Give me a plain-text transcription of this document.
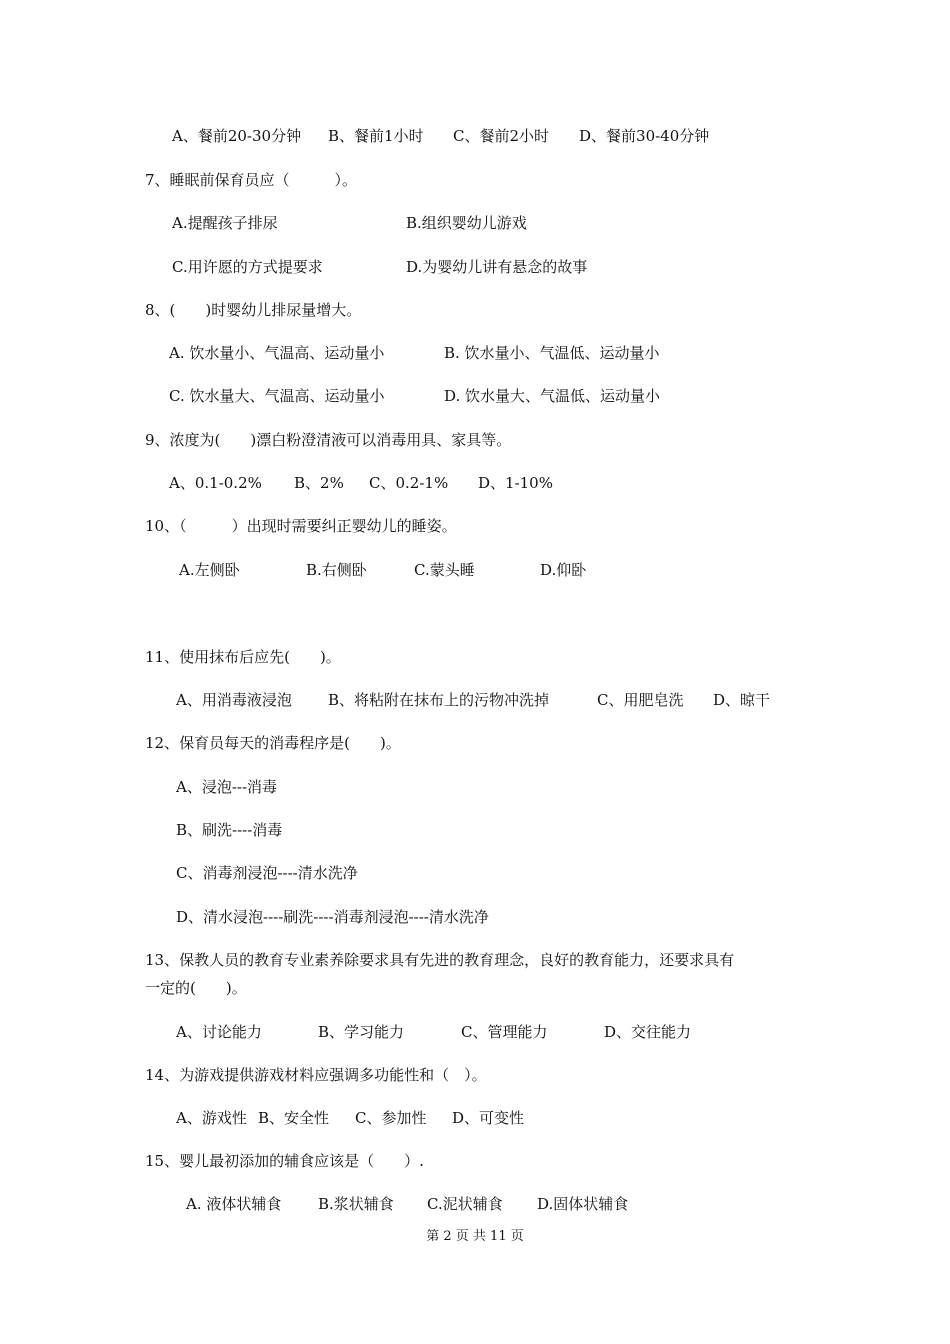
A、餐前20-30分钟 B、餐前1小时 C、餐前2小时 D、餐前30-40分钟
7、睡眠前保育员应（　　　）。
A.提醒孩子排尿	B.组织婴幼儿游戏
C.用许愿的方式提要求	D.为婴幼儿讲有悬念的故事
8、(　　)时婴幼儿排尿量增大。
A. 饮水量小、气温高、运动量小	B. 饮水量小、气温低、运动量小
C. 饮水量大、气温高、运动量小	D. 饮水量大、气温低、运动量小
9、浓度为(　　)漂白粉澄清液可以消毒用具、家具等。
A、0.1-0.2% B、2% C、0.2-1% D、1-10%
10、（　　　）出现时需要纠正婴幼儿的睡姿。
A.左侧卧	B.右侧卧	C.蒙头睡	D.仰卧
11、使用抹布后应先(　　)。
A、用消毒液浸泡 B、将粘附在抹布上的污物冲洗掉	C、用肥皂洗 D、晾干
12、保育员每天的消毒程序是(　　)。
A、浸泡---消毒
B、刷洗----消毒
C、消毒剂浸泡----清水洗净
D、清水浸泡----刷洗----消毒剂浸泡----清水洗净
13、保教人员的教育专业素养除要求具有先进的教育理念，良好的教育能力，还要求具有
一定的(　　)。
A、讨论能力	B、学习能力	C、管理能力	D、交往能力
14、为游戏提供游戏材料应强调多功能性和（　）。
A、游戏性 B、安全性 C、参加性 D、可变性
15、婴儿最初添加的辅食应该是（　　）.
A. 液体状辅食 B.浆状辅食 C.泥状辅食 D.固体状辅食
第 2 页 共 11 页
